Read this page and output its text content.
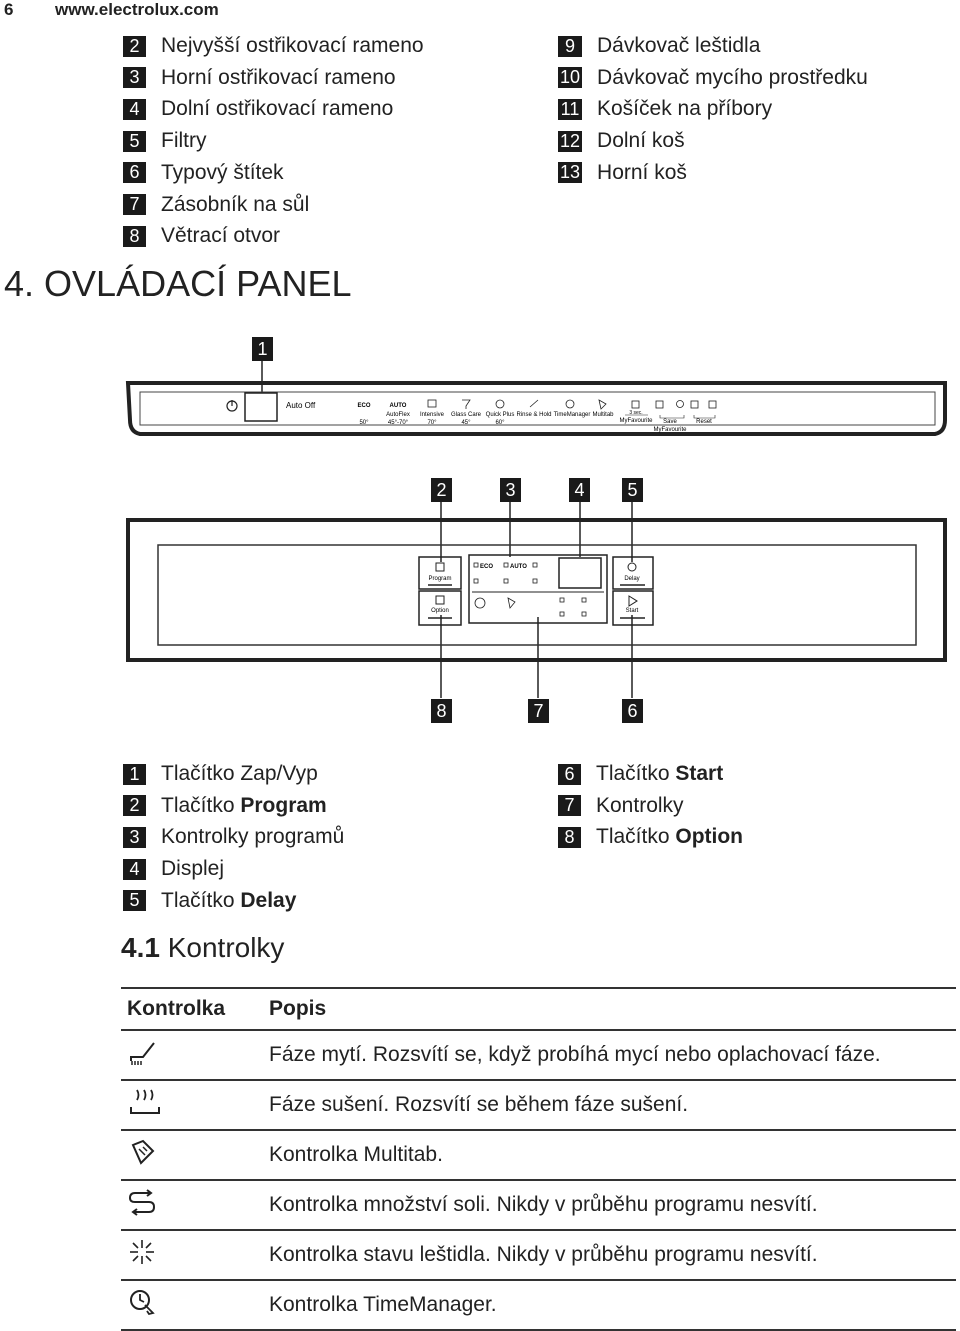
6 www.electrolux.com
2	Nejvyšší ostřikovací rameno
3	Horní ostřikovací rameno
4	Dolní ostřikovací rameno
5	Filtry
6	Typový štítek
7	Zásobník na sůl
8	Větrací otvor
9	Dávkovač leštidla
10 Dávkovač mycího prostředku
11 Košíček na příbory
12 Dolní koš
13 Horní koš
4. OVLÁDACÍ PANEL
1
Auto Off	ECO
50°
AUTO
AutoFlex
45°-70°
Intensive
70°
Glass Care
45°
Quick Plus
60°
Rinse & Hold TimeManager Multitab	3 sec.
MyFavourite Save
MyFavourite
Reset
Program
Option
ECO	AUTO
Delay
Start
2	3	4	5
8	7	6
1	Tlačítko Zap/Vyp
2	Tlačítko Program
3	Kontrolky programů
4	Displej
5	Tlačítko Delay
6	Tlačítko Start
7	Kontrolky
8	Tlačítko Option
4.1 Kontrolky
Kontrolka	Popis
	Fáze mytí. Rozsvítí se, když probíhá mycí nebo oplachovací fáze.
	Fáze sušení. Rozsvítí se během fáze sušení.
	Kontrolka Multitab.
	Kontrolka množství soli. Nikdy v průběhu programu nesvítí.
	Kontrolka stavu leštidla. Nikdy v průběhu programu nesvítí.
	Kontrolka TimeManager.
